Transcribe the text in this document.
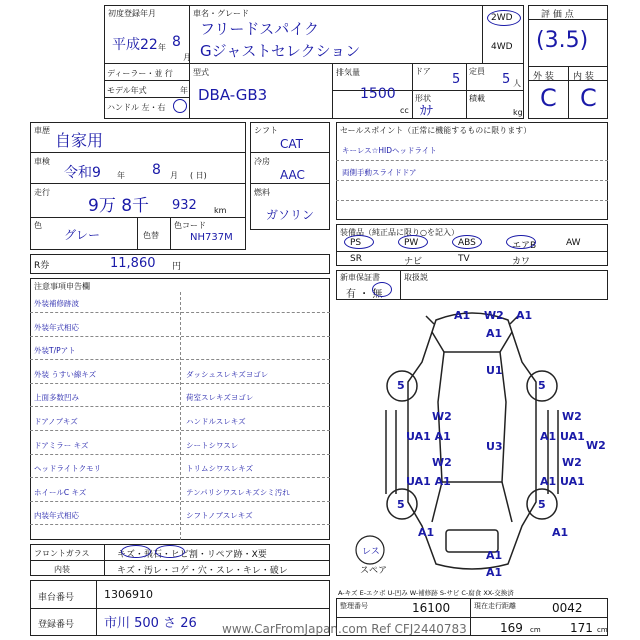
初度登録年月
平成22 年 8
月
車名・グレード
フリードスパイク
Gジャストセレクション
2WD
4WD
ディーラー・並 行
モデル年式	年
ハンドル 左・右
型式
DBA-GB3
排気量
1500
cc
ドア
5
定員
5 人
形状
ｶﾅ
積載
kg
評 価 点
(3.5)
外 装 内 装
C C
車歴
自家用
車検
令和9 年 8 月 ( 日)
走行
9万 8千 932 km
色
グレー	色替
色コード
NH737M
シフト
CAT
冷房
AAC
燃料
ガソリン
R券	11,860 円
セールスポイント（正常に機能するものに限ります）
キーレス☆HIDヘッドライト
両側手動スライドドア
装備品（純正品に限り○を記入）
新車保証書
有 ・ 無
取扱説
注意事項申告欄
フロントガラス	キズ・飛石・ヒビ割・リペア跡・X要
内装	キズ・汚レ・コゲ・穴・スレ・キレ・破レ
車台番号	1306910
登録番号 市川 500 さ 26
A1 W2 A1
A1
U1
U3
5	5
5	5
W2
UA1 A1
W2
UA1 A1
W2
A1 UA1
W2
A1 UA1
W2
A1	A1
A1
A1
レス
スペア
A-キズ E-エクボ U-凹み W-補修跡 S-サビ C-腐食 XX-交換済
整理番号	16100	現在走行距離	0042
169 cm 171 cm
www.CarFromJapan.com Ref CFJ2440783
PS	PW	ABS	エアB	AW
SR	ナビ	TV	カワ
外装補修跡波
外装年式相応
外装T/Pアト
外装 うすい線キズ	ダッシュスレキズヨゴレ
上面多数凹み	荷室スレキズヨゴレ
ドアノブキズ	ハンドルスレキズ
ドアミラー キズ	シートシワスレ
ヘッドライトクモリ	トリムシワスレキズ
ホイールC キズ	テンパリシワスレキズシミ汚れ
内装年式相応	シフトノブスレキズ
